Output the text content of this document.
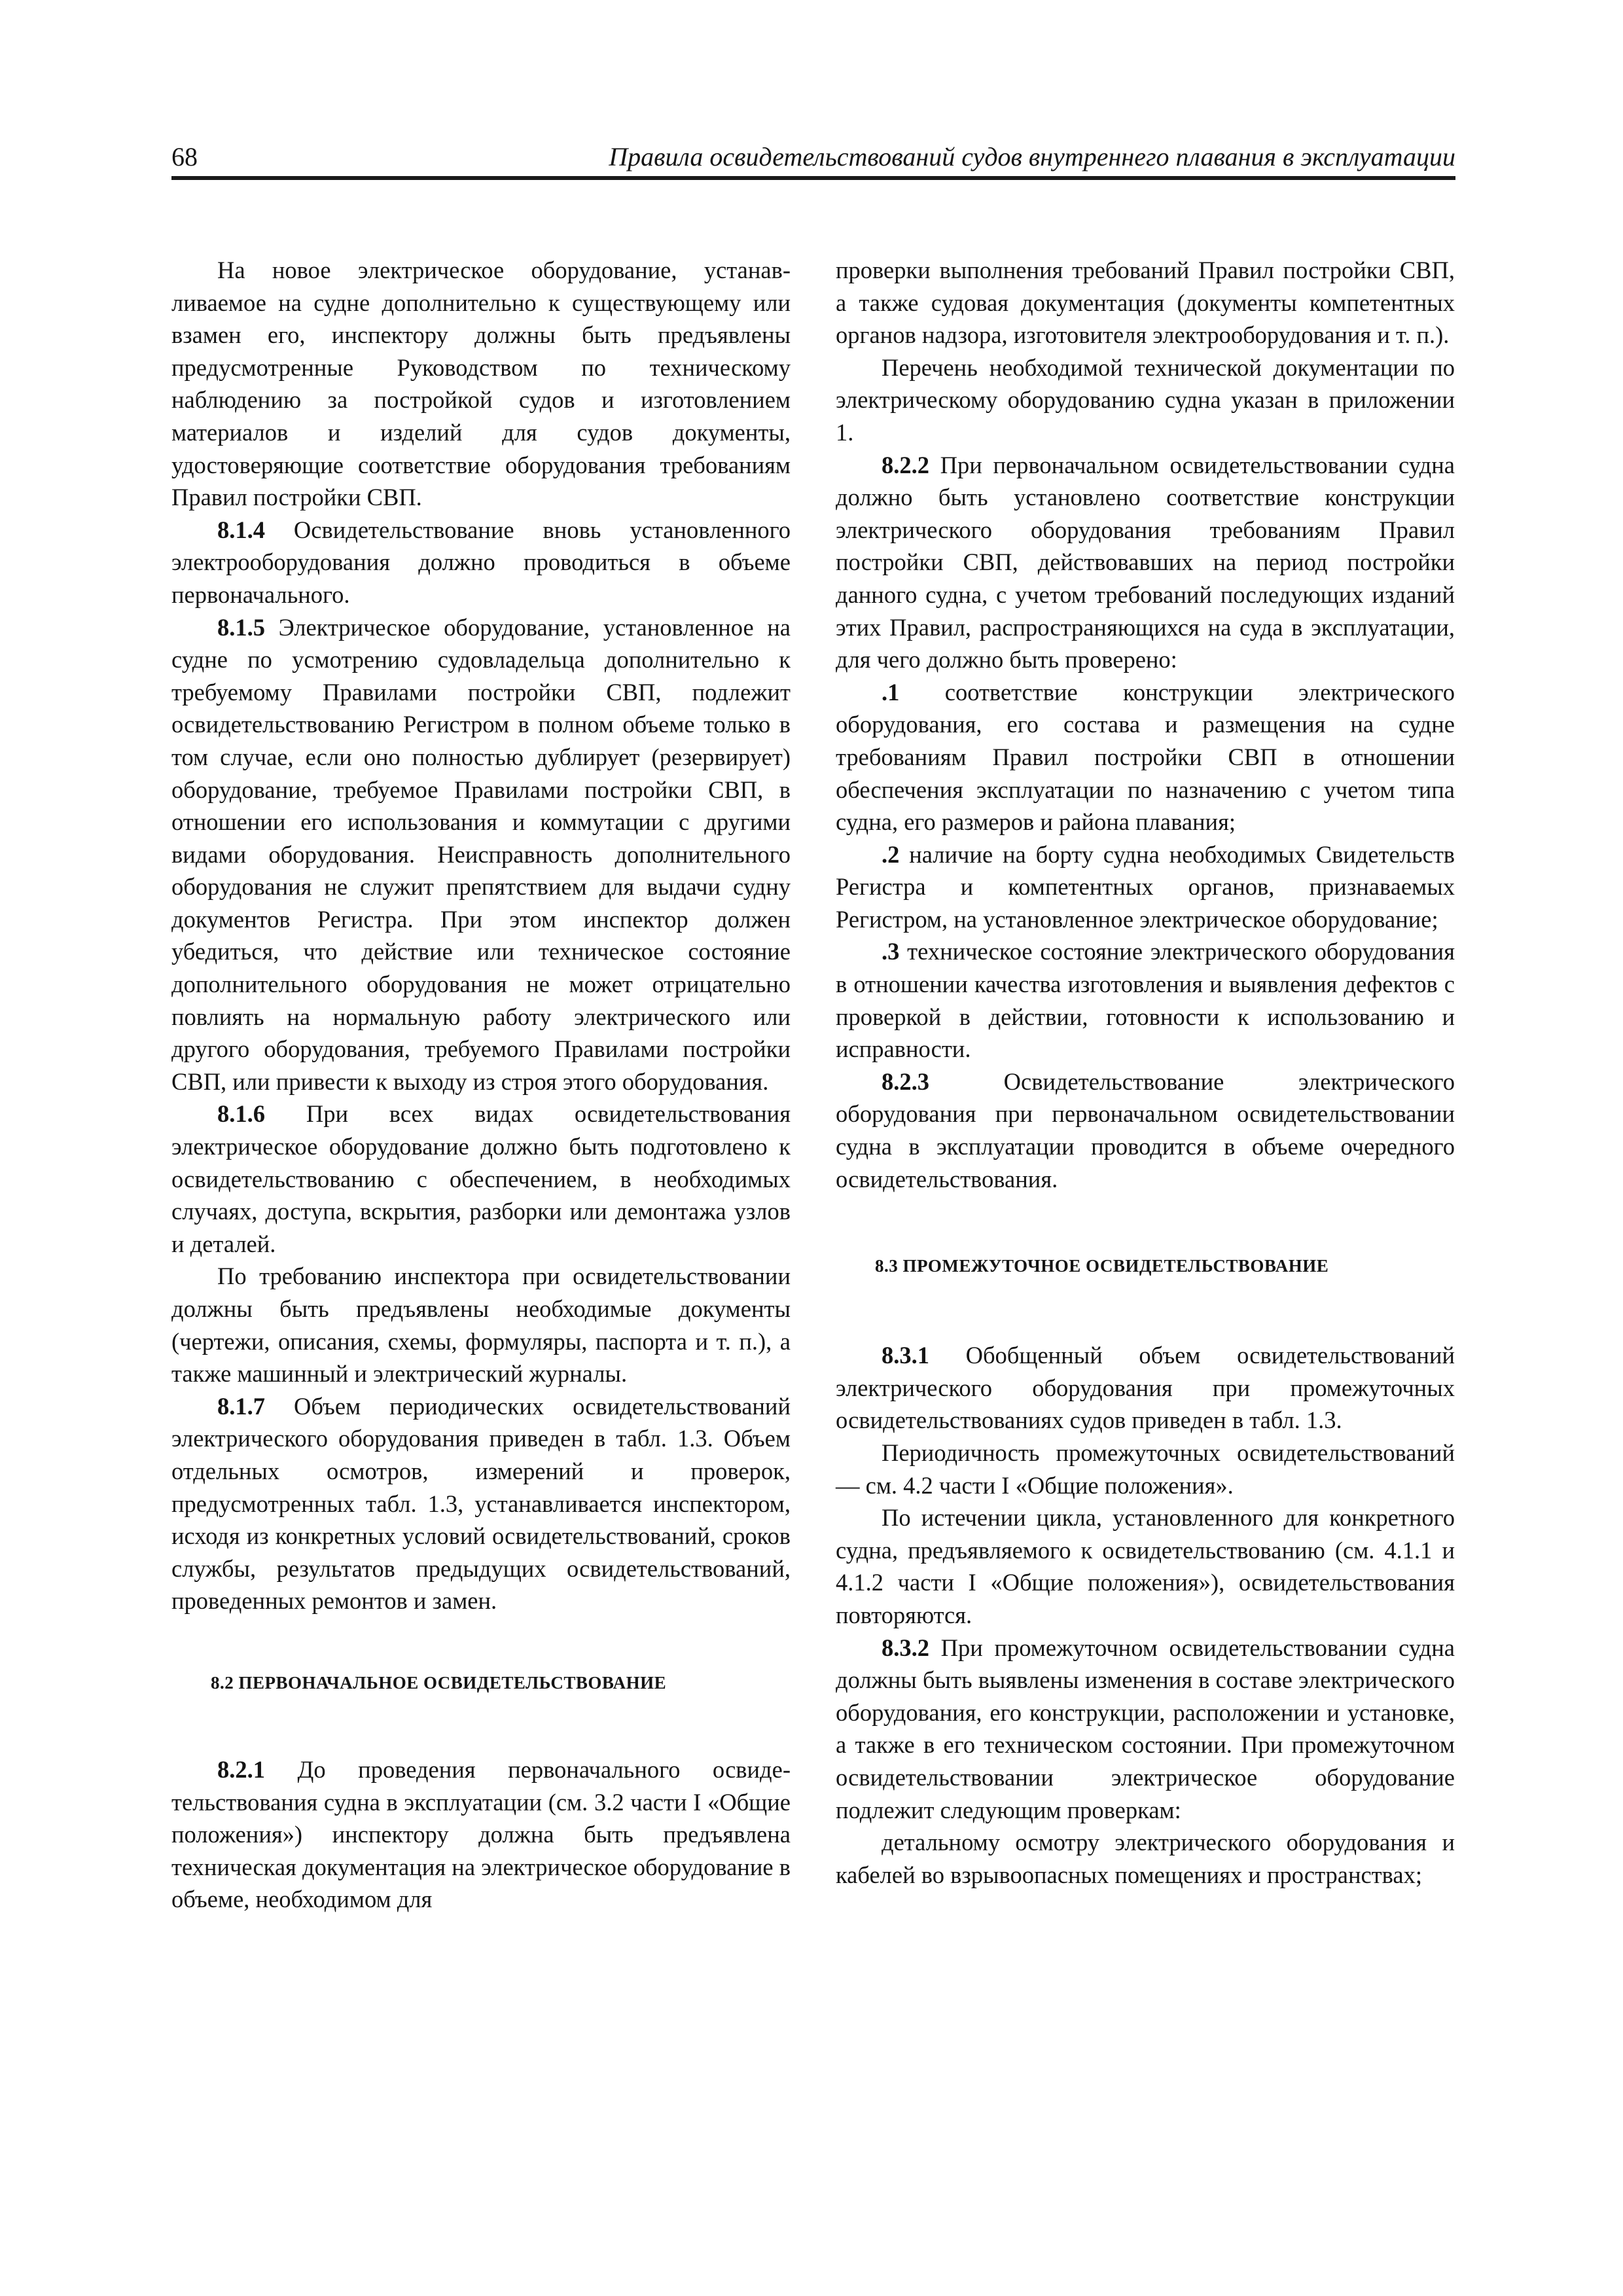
68	Правила освидетельствований судов внутреннего плавания в эксплуатации

На новое электрическое оборудование, устанавливаемое на судне дополнительно к существующему или взамен его, инспектору должны быть предъявлены предусмотренные Руководством по техническому наблюдению за постройкой судов и изготовлением материалов и изделий для судов документы, удостоверяющие соответствие оборудования требованиям Правил постройки СВП.

8.1.4 Освидетельствование вновь установленного электрооборудования должно проводиться в объеме первоначального.

8.1.5 Электрическое оборудование, установленное на судне по усмотрению судовладельца дополнительно к требуемому Правилами постройки СВП, подлежит освидетельствованию Регистром в полном объеме только в том случае, если оно полностью дублирует (резервирует) оборудование, требуемое Правилами постройки СВП, в отношении его использования и коммутации с другими видами оборудования. Неисправность дополнительного оборудования не служит препятствием для выдачи судну документов Регистра. При этом инспектор должен убедиться, что действие или техническое состояние дополнительного оборудования не может отрицательно повлиять на нормальную работу электрического или другого оборудования, требуемого Правилами постройки СВП, или привести к выходу из строя этого оборудования.

8.1.6 При всех видах освидетельствования электрическое оборудование должно быть подготовлено к освидетельствованию с обеспечением, в необходимых случаях, доступа, вскрытия, разборки или демонтажа узлов и деталей.

По требованию инспектора при освидетельствовании должны быть предъявлены необходимые документы (чертежи, описания, схемы, формуляры, паспорта и т. п.), а также машинный и электрический журналы.

8.1.7 Объем периодических освидетельствований электрического оборудования приведен в табл. 1.3. Объем отдельных осмотров, измерений и проверок, предусмотренных табл. 1.3, устанавливается инспектором, исходя из конкретных условий освидетельствований, сроков службы, результатов предыдущих освидетельствований, проведенных ремонтов и замен.

8.2 ПЕРВОНАЧАЛЬНОЕ ОСВИДЕТЕЛЬСТВОВАНИЕ

8.2.1 До проведения первоначального освидетельствования судна в эксплуатации (см. 3.2 части I «Общие положения») инспектору должна быть предъявлена техническая документация на электрическое оборудование в объеме, необходимом для

проверки выполнения требований Правил постройки СВП, а также судовая документация (документы компетентных органов надзора, изготовителя электрооборудования и т. п.).

Перечень необходимой технической документации по электрическому оборудованию судна указан в приложении 1.

8.2.2 При первоначальном освидетельствовании судна должно быть установлено соответствие конструкции электрического оборудования требованиям Правил постройки СВП, действовавших на период постройки данного судна, с учетом требований последующих изданий этих Правил, распространяющихся на суда в эксплуатации, для чего должно быть проверено:

.1 соответствие конструкции электрического оборудования, его состава и размещения на судне требованиям Правил постройки СВП в отношении обеспечения эксплуатации по назначению с учетом типа судна, его размеров и района плавания;

.2 наличие на борту судна необходимых Свидетельств Регистра и компетентных органов, признаваемых Регистром, на установленное электрическое оборудование;

.3 техническое состояние электрического оборудования в отношении качества изготовления и выявления дефектов с проверкой в действии, готовности к использованию и исправности.

8.2.3 Освидетельствование электрического оборудования при первоначальном освидетельствовании судна в эксплуатации проводится в объеме очередного освидетельствования.

8.3 ПРОМЕЖУТОЧНОЕ ОСВИДЕТЕЛЬСТВОВАНИЕ

8.3.1 Обобщенный объем освидетельствований электрического оборудования при промежуточных освидетельствованиях судов приведен в табл. 1.3.

Периодичность промежуточных освидетельствований — см. 4.2 части I «Общие положения».

По истечении цикла, установленного для конкретного судна, предъявляемого к освидетельствованию (см. 4.1.1 и 4.1.2 части I «Общие положения»), освидетельствования повторяются.

8.3.2 При промежуточном освидетельствовании судна должны быть выявлены изменения в составе электрического оборудования, его конструкции, расположении и установке, а также в его техническом состоянии. При промежуточном освидетельствовании электрическое оборудование подлежит следующим проверкам:

детальному осмотру электрического оборудования и кабелей во взрывоопасных помещениях и пространствах;
